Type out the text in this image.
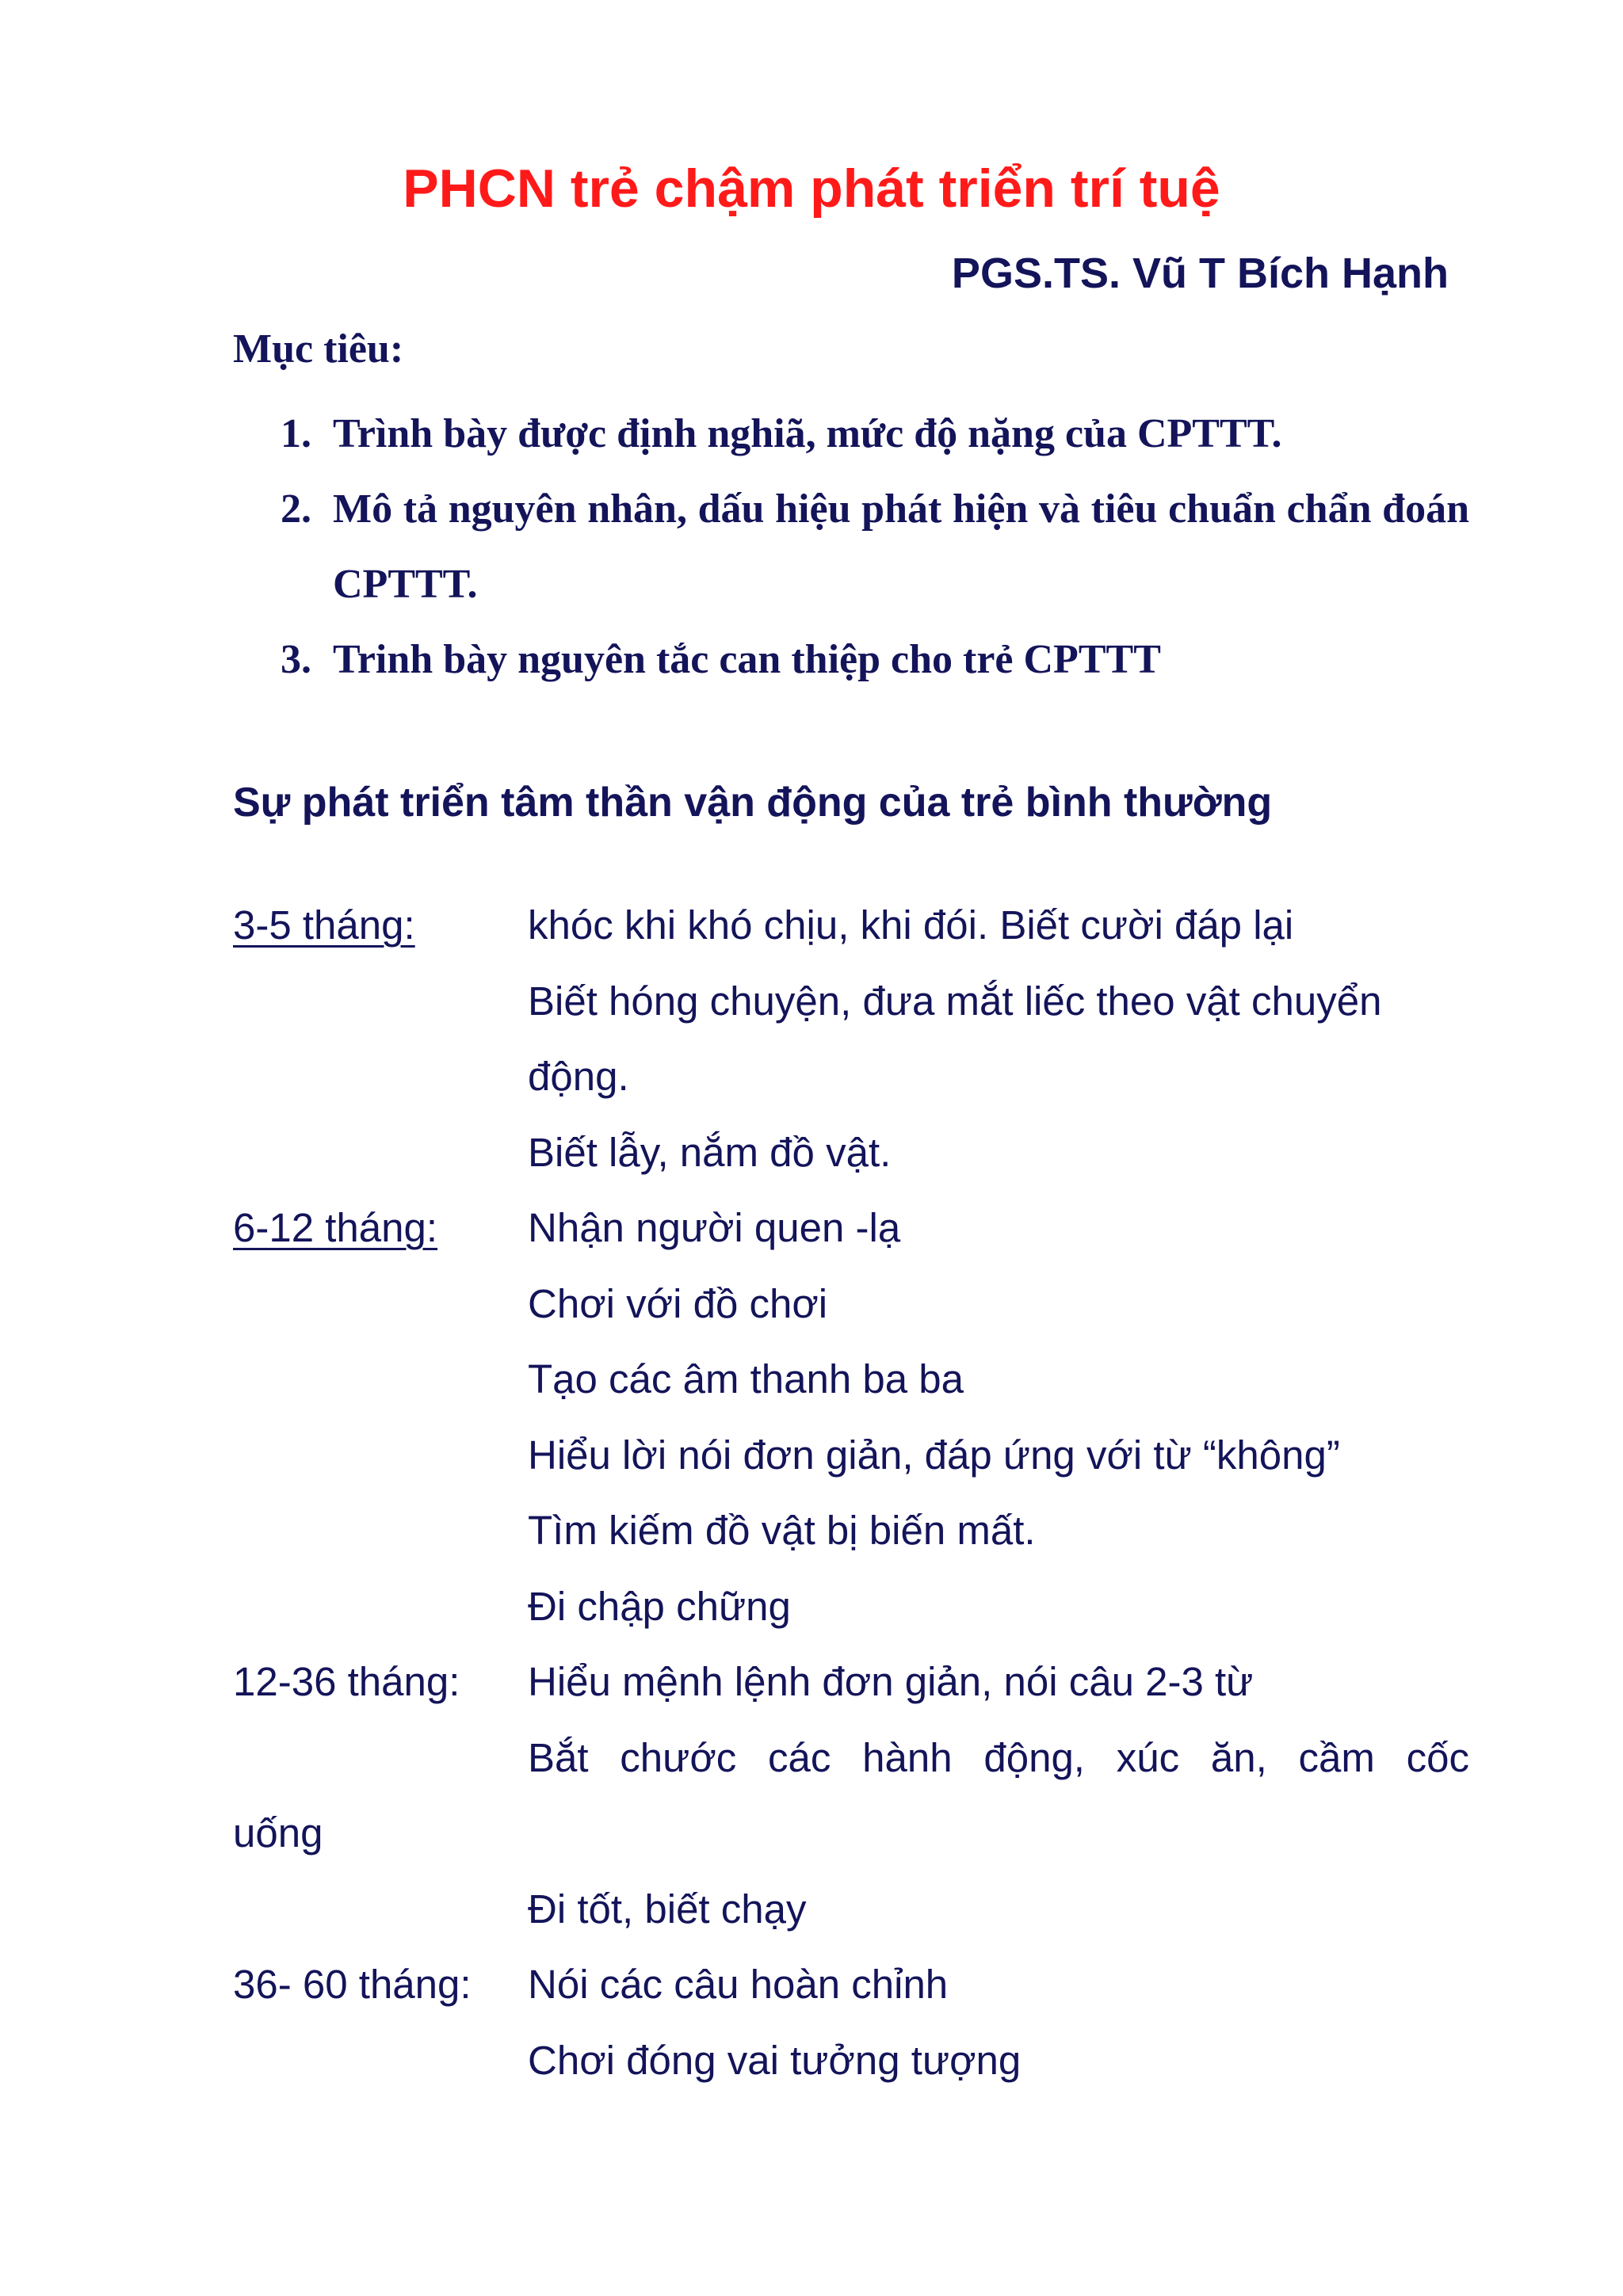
PHCN trẻ chậm phát triển trí tuệ
PGS.TS. Vũ T Bích Hạnh
Mục tiêu:
1. Trình bày được định nghiã, mức độ nặng của CPTTT.
2. Mô tả nguyên nhân, dấu hiệu phát hiện và tiêu chuẩn chẩn đoán CPTTT.
3. Trinh bày nguyên tắc can thiệp cho trẻ CPTTT
Sự phát triển tâm thần vận động của trẻ bình thường
3-5 tháng:	khóc khi khó chịu, khi đói. Biết cười đáp lại
Biết hóng chuyện, đưa mắt liếc theo vật chuyển động.
Biết lẫy, nắm đồ vật.
6-12 tháng:	Nhận người quen -lạ
Chơi với đồ chơi
Tạo các âm thanh ba ba
Hiểu lời nói đơn giản, đáp ứng với từ “không”
Tìm kiếm đồ vật bị biến mất.
Đi chập chững
12-36 tháng:	Hiểu mệnh lệnh đơn giản, nói câu 2-3 từ
Bắt chước các hành động, xúc ăn, cầm cốc
uống
Đi tốt, biết chạy
36- 60 tháng:	Nói các câu hoàn chỉnh
Chơi đóng vai tưởng tượng
